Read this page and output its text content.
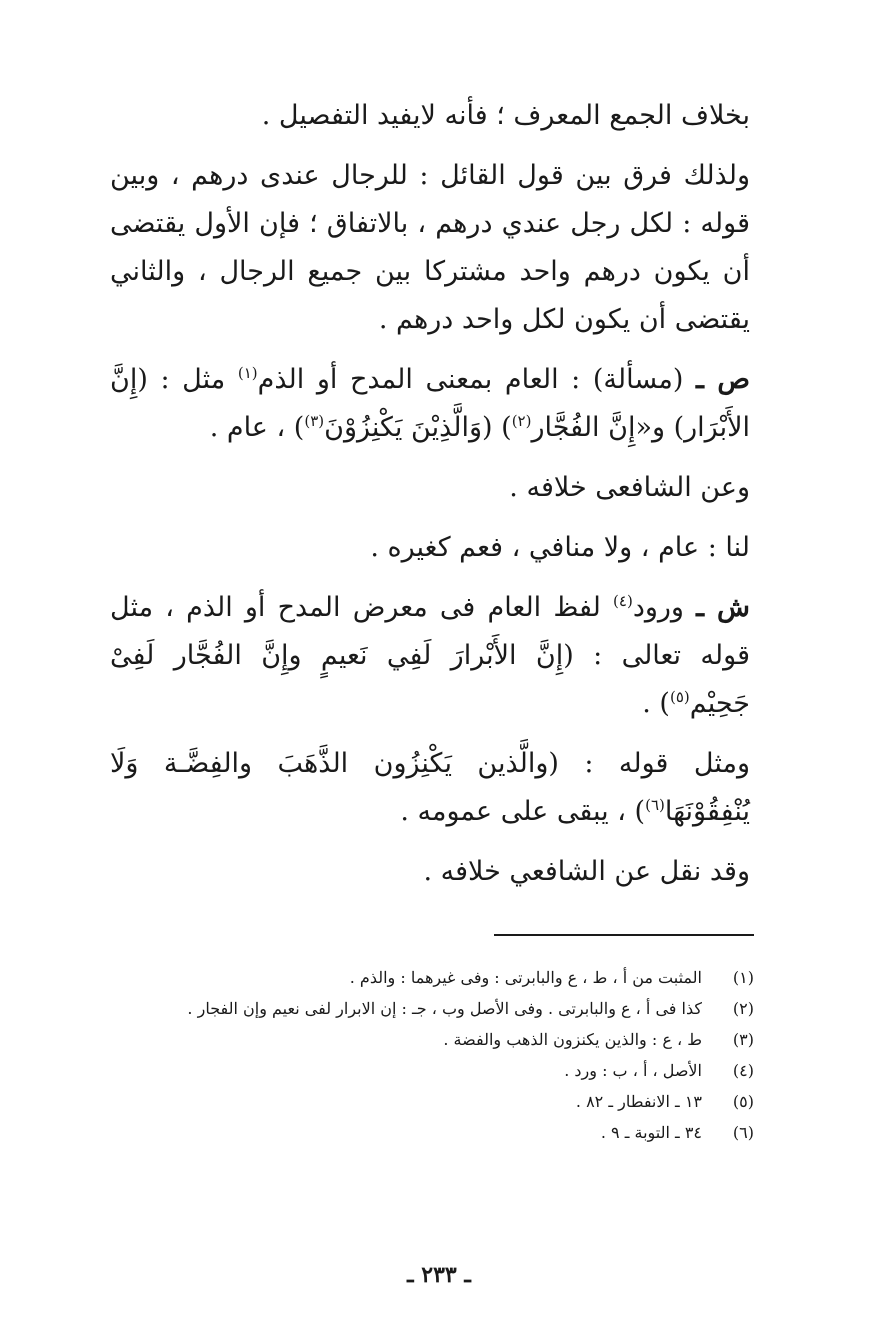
بخلاف الجمع المعرف ؛ فأنه لايفيد التفصيل .

ولذلك فرق بين قول القائل : للرجال عندى درهم ، وبين قوله : لكل رجل عندي درهم ، بالاتفاق ؛ فإن الأول يقتضى أن يكون درهم واحد مشتركا بين جميع الرجال ، والثاني يقتضى أن يكون لكل واحد درهم .

ص ـ (مسألة) : العام بمعنى المدح أو الذم$^{(١)}$ مثل : (إِنَّ الأَبْرَار) و«إِنَّ الفُجَّار$^{(٢)}$) (وَالَّذِيْنَ يَكْنِزُوْنَ$^{(٣)}$) ، عام .

وعن الشافعى خلافه .

لنا : عام ، ولا منافي ، فعم كغيره .

ش ـ ورود$^{(٤)}$ لفظ العام فى معرض المدح أو الذم ، مثل قوله تعالى : (إِنَّ الأَبْرارَ لَفِي نَعيمٍ وإِنَّ الفُجَّار لَفِىْ جَحِيْم$^{(٥)}$) .

ومثل قوله : (والَّذين يَكْنِزُون الذَّهَبَ والفِضَّـة وَلَا يُنْفِقُوْنَهَا$^{(٦)}$) ، يبقى على عمومه .

وقد نقل عن الشافعي خلافه .

(١)
المثبت من أ ، ط ، ع والبابرتى : وفى غيرهما : والذم .
(٢)
كذا فى أ ، ع والبابرتى . وفى الأصل وب ، جـ : إن الابرار لفى نعيم وإن الفجار .
(٣)
ط ، ع : والذين يكنزون الذهب والفضة .
(٤)
الأصل ، أ ، ب : ورد .
(٥)
١٣ ـ الانفطار ـ ٨٢ .
(٦)
٣٤ ـ التوبة ـ ٩ .
ـ ٢٣٣ ـ
